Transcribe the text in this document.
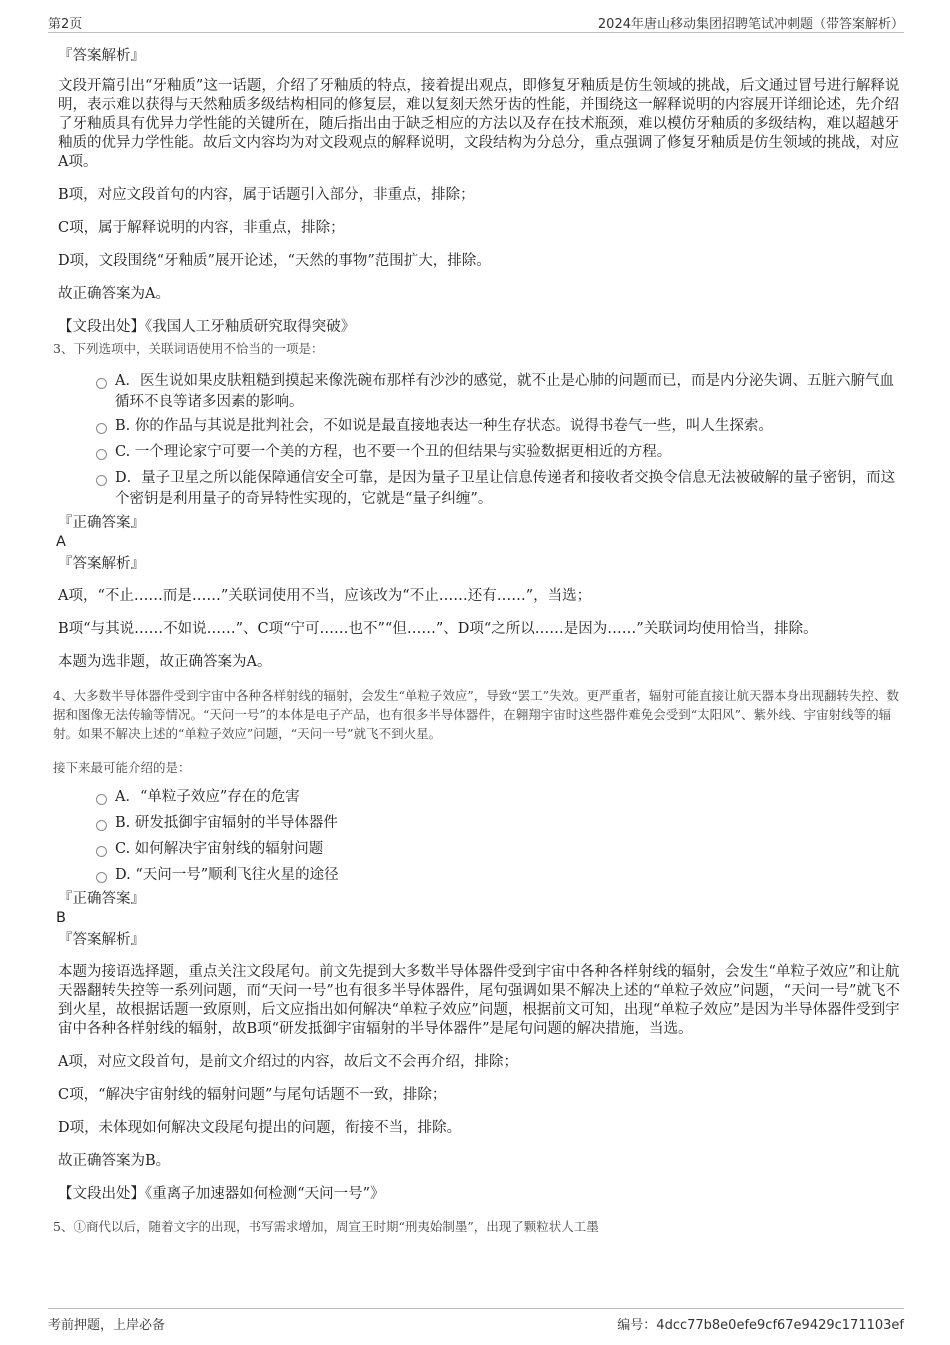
第2页	2024年唐山移动集团招聘笔试冲刺题（带答案解析）

『答案解析』

文段开篇引出“牙釉质”这一话题，介绍了牙釉质的特点，接着提出观点，即修复牙釉质是仿生领域的挑战，后文通过冒号进行解释说明，表示难以获得与天然釉质多级结构相同的修复层，难以复刻天然牙齿的性能，并围绕这一解释说明的内容展开详细论述，先介绍了牙釉质具有优异力学性能的关键所在，随后指出由于缺乏相应的方法以及存在技术瓶颈，难以模仿牙釉质的多级结构，难以超越牙釉质的优异力学性能。故后文内容均为对文段观点的解释说明，文段结构为分总分，重点强调了修复牙釉质是仿生领域的挑战，对应A项。

B项，对应文段首句的内容，属于话题引入部分，非重点，排除；

C项，属于解释说明的内容，非重点，排除；

D项，文段围绕“牙釉质”展开论述，“天然的事物”范围扩大，排除。

故正确答案为A。

【文段出处】《我国人工牙釉质研究取得突破》

3、下列选项中，关联词语使用不恰当的一项是：

A．医生说如果皮肤粗糙到摸起来像洗碗布那样有沙沙的感觉，就不止是心肺的问题而已，而是内分泌失调、五脏六腑气血循环不良等诸多因素的影响。
B. 你的作品与其说是批判社会，不如说是最直接地表达一种生存状态。说得书卷气一些，叫人生探索。
C. 一个理论家宁可要一个美的方程，也不要一个丑的但结果与实验数据更相近的方程。
D．量子卫星之所以能保障通信安全可靠，是因为量子卫星让信息传递者和接收者交换令信息无法被破解的量子密钥，而这个密钥是利用量子的奇异特性实现的，它就是“量子纠缠”。

『正确答案』

A

『答案解析』

A项，“不止……而是……”关联词使用不当，应该改为“不止……还有……”，当选；

B项“与其说……不如说……”、C项“宁可……也不”“但……”、D项“之所以……是因为……”关联词均使用恰当，排除。

本题为选非题，故正确答案为A。

4、大多数半导体器件受到宇宙中各种各样射线的辐射，会发生“单粒子效应”，导致“罢工”失效。更严重者，辐射可能直接让航天器本身出现翻转失控、数据和图像无法传输等情况。“天问一号”的本体是电子产品，也有很多半导体器件，在翱翔宇宙时这些器件难免会受到“太阳风”、紫外线、宇宙射线等的辐射。如果不解决上述的“单粒子效应”问题，“天问一号”就飞不到火星。

接下来最可能介绍的是：

A．“单粒子效应”存在的危害
B. 研发抵御宇宙辐射的半导体器件
C. 如何解决宇宙射线的辐射问题
D. “天问一号”顺利飞往火星的途径

『正确答案』

B

『答案解析』

本题为接语选择题，重点关注文段尾句。前文先提到大多数半导体器件受到宇宙中各种各样射线的辐射，会发生“单粒子效应”和让航天器翻转失控等一系列问题，而“天问一号”也有很多半导体器件，尾句强调如果不解决上述的“单粒子效应”问题，“天问一号”就飞不到火星，故根据话题一致原则，后文应指出如何解决“单粒子效应”问题，根据前文可知，出现“单粒子效应”是因为半导体器件受到宇宙中各种各样射线的辐射，故B项“研发抵御宇宙辐射的半导体器件”是尾句问题的解决措施，当选。

A项，对应文段首句，是前文介绍过的内容，故后文不会再介绍，排除；

C项，“解决宇宙射线的辐射问题”与尾句话题不一致，排除；

D项，未体现如何解决文段尾句提出的问题，衔接不当，排除。

故正确答案为B。

【文段出处】《重离子加速器如何检测“天问一号”》

5、①商代以后，随着文字的出现，书写需求增加，周宣王时期“刑夷始制墨”，出现了颗粒状人工墨

考前押题，上岸必备	编号：4dcc77b8e0efe9cf67e9429c171103ef
